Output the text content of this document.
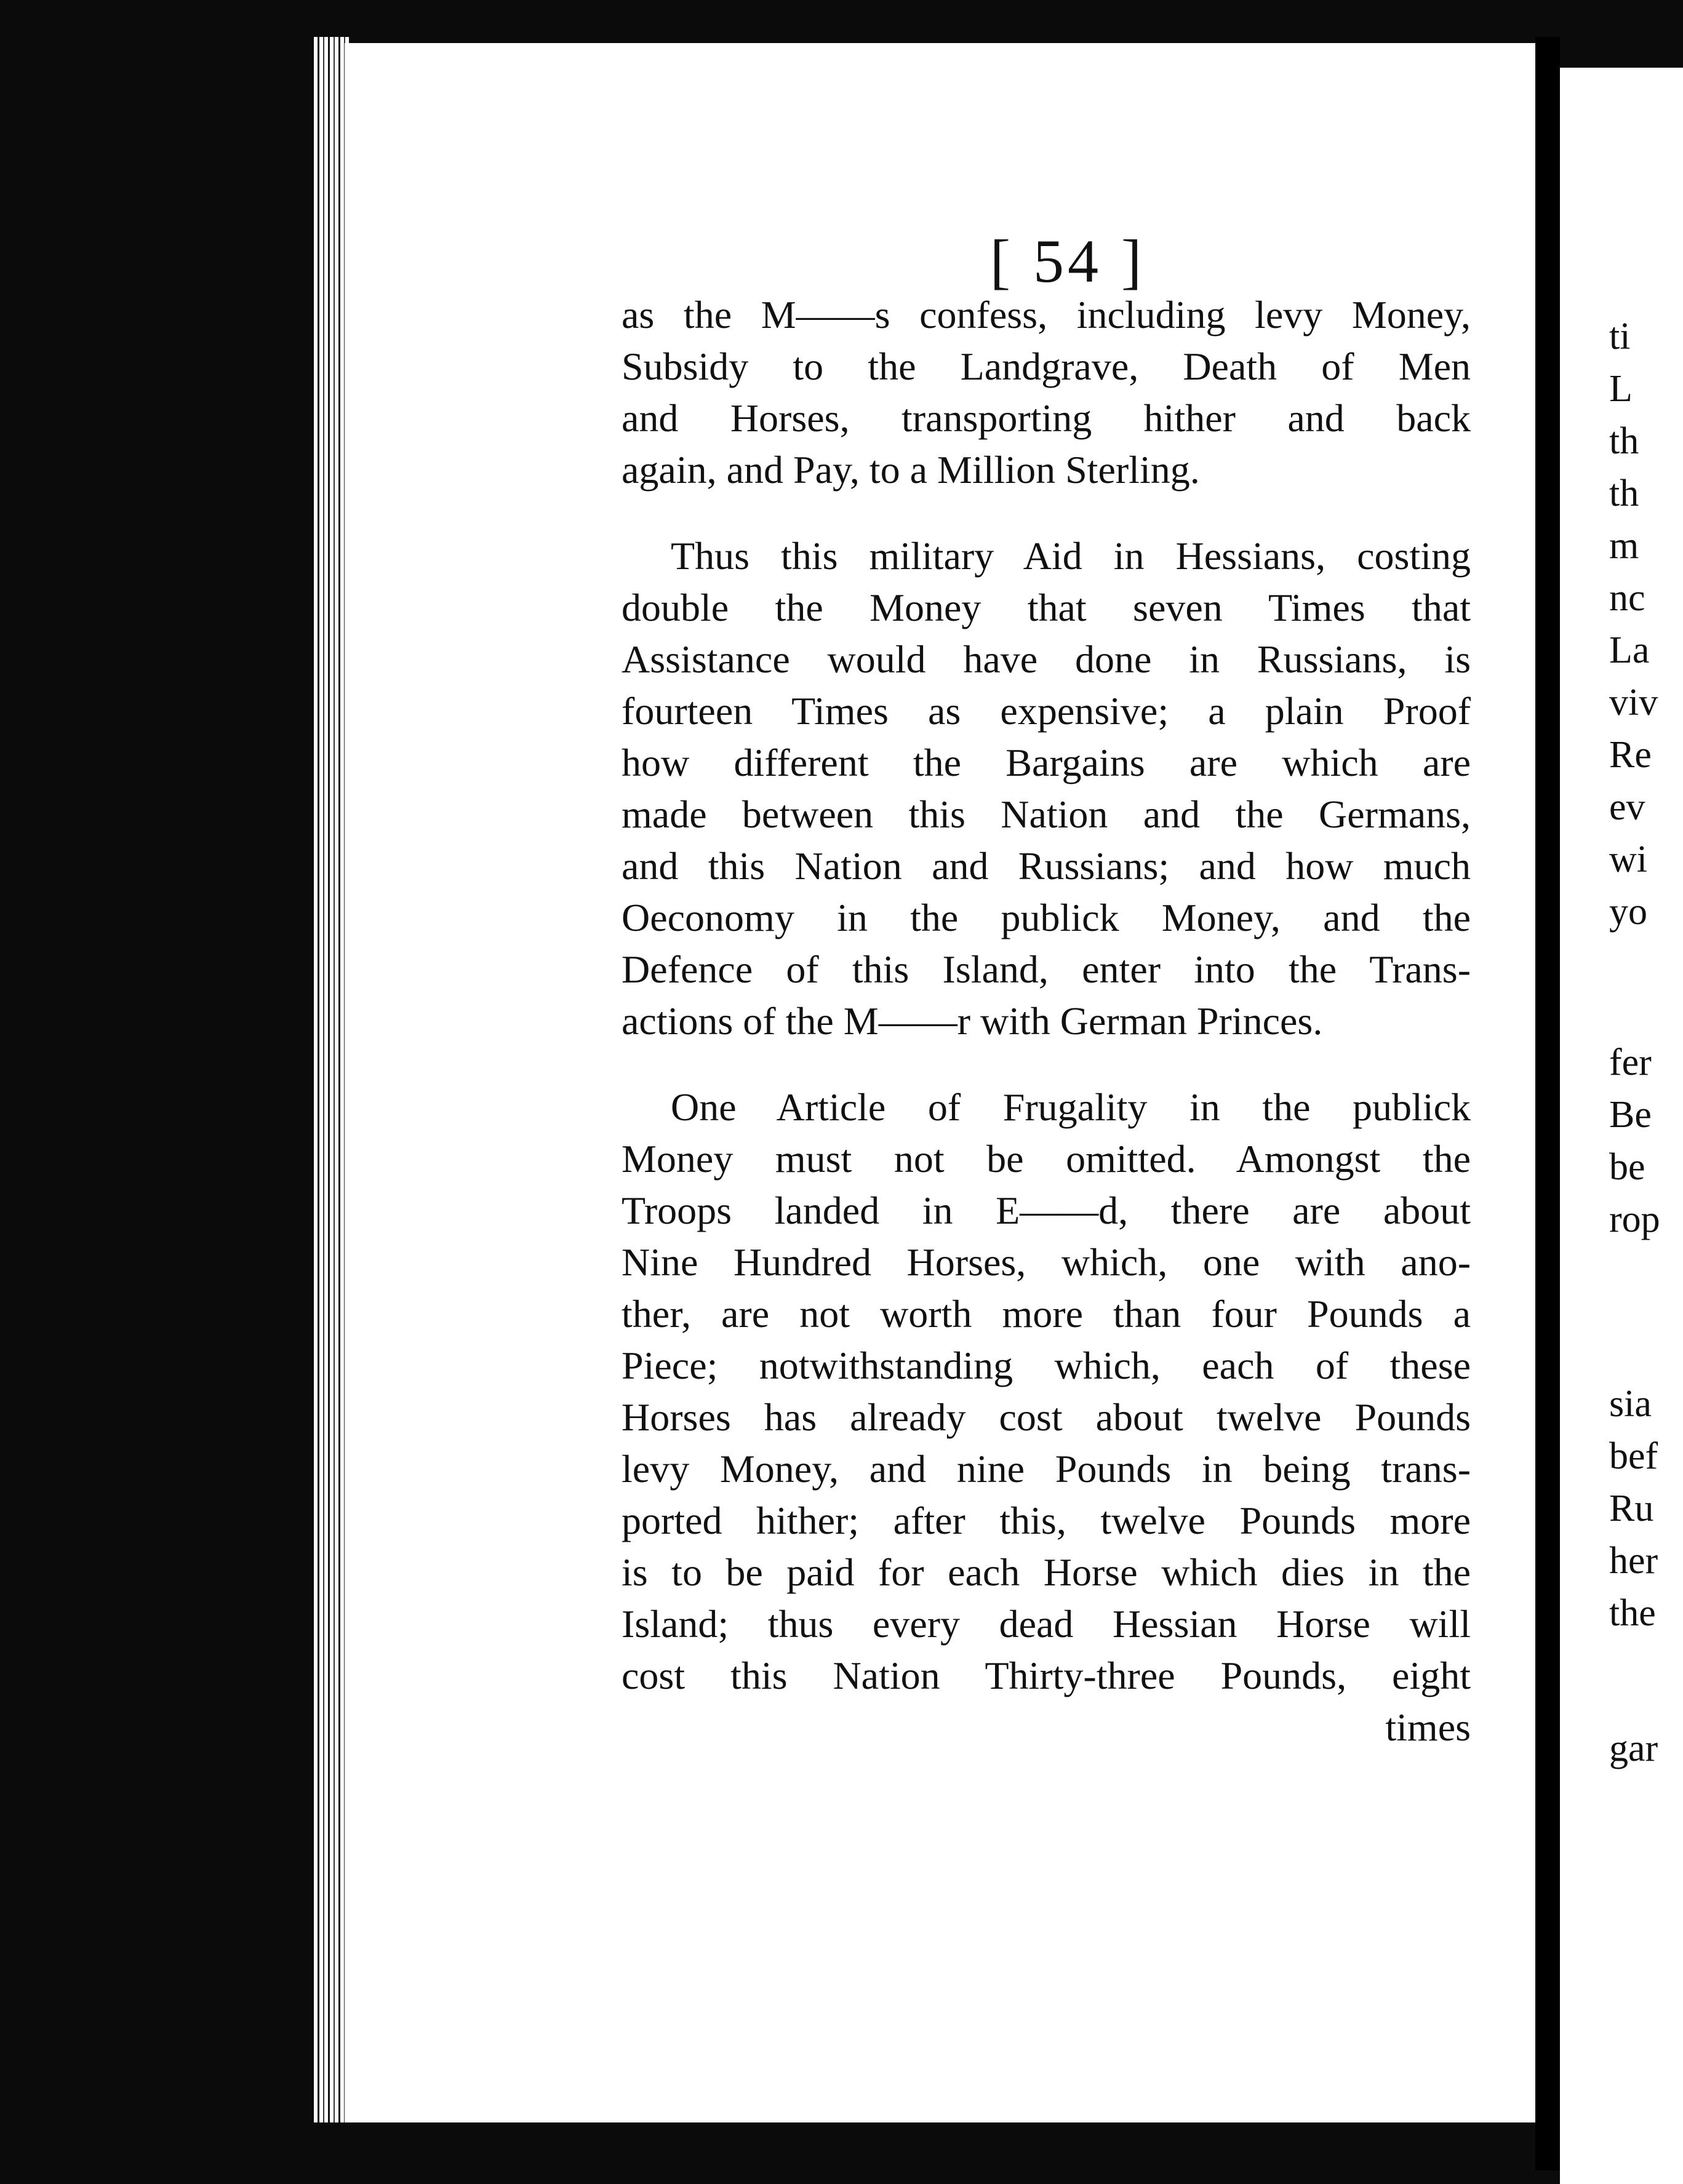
[ 54 ]
as the M——s confess, including levy Money,
Subsidy to the Landgrave, Death of Men
and Horses, transporting hither and back
again, and Pay, to a Million Sterling.
Thus this military Aid in Hessians, costing
double the Money that seven Times that
Assistance would have done in Russians, is
fourteen Times as expensive; a plain Proof
how different the Bargains are which are
made between this Nation and the Germans,
and this Nation and Russians; and how much
Oeconomy in the publick Money, and the
Defence of this Island, enter into the Trans-
actions of the M——r with German Princes.
One Article of Frugality in the publick
Money must not be omitted. Amongst the
Troops landed in E——d, there are about
Nine Hundred Horses, which, one with ano-
ther, are not worth more than four Pounds a
Piece; notwithstanding which, each of these
Horses has already cost about twelve Pounds
levy Money, and nine Pounds in being trans-
ported hither; after this, twelve Pounds more
is to be paid for each Horse which dies in the
Island; thus every dead Hessian Horse will
cost this Nation Thirty-three Pounds, eight
times
ti
L
th
th
m
nc
La
viv
Re
ev
wi
yo
fer
Be
be
rop
sia
bef
Ru
her
the
gar
